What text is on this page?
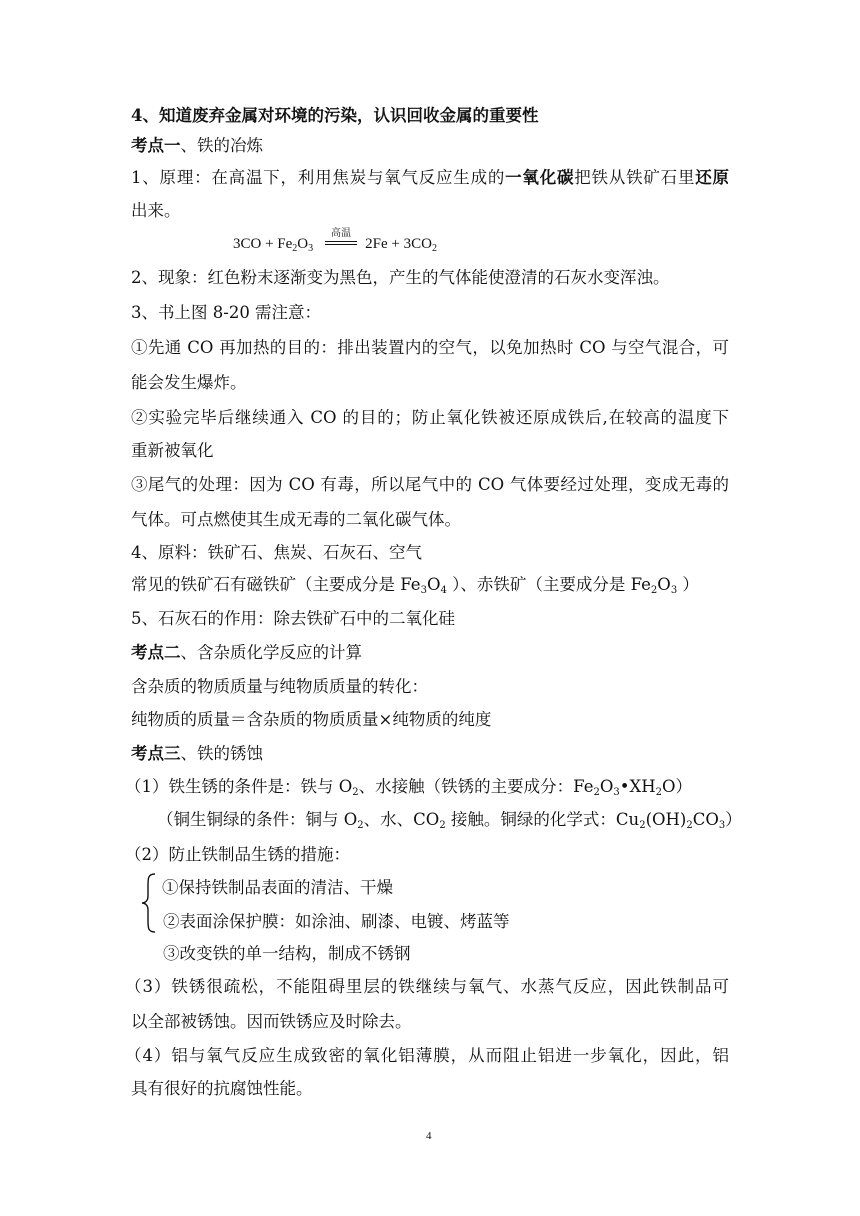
4、知道废弃金属对环境的污染，认识回收金属的重要性
考点一、铁的冶炼
1、原理：在高温下，利用焦炭与氧气反应生成的一氧化碳把铁从铁矿石里还原
出来。
$3CO + Fe_2O_3$	$2Fe + 3CO_2$
高温
2、现象：红色粉末逐渐变为黑色，产生的气体能使澄清的石灰水变浑浊。
3、书上图 8-20 需注意：
①先通 CO 再加热的目的：排出装置内的空气，以免加热时 CO 与空气混合，可
能会发生爆炸。
②实验完毕后继续通入 CO 的目的；防止氧化铁被还原成铁后,在较高的温度下
重新被氧化
③尾气的处理：因为 CO 有毒，所以尾气中的 CO 气体要经过处理，变成无毒的
气体。可点燃使其生成无毒的二氧化碳气体。
4、原料：铁矿石、焦炭、石灰石、空气
常见的铁矿石有磁铁矿（主要成分是 $Fe_3O_4$ ）、赤铁矿（主要成分是 $Fe_2O_3$ ）
5、石灰石的作用：除去铁矿石中的二氧化硅
考点二、含杂质化学反应的计算
含杂质的物质质量与纯物质质量的转化：
纯物质的质量＝含杂质的物质质量×纯物质的纯度
考点三、铁的锈蚀
（1）铁生锈的条件是：铁与 $O_2$、水接触（铁锈的主要成分：$Fe_2O_3•XH_2O$）
（铜生铜绿的条件：铜与 $O_2$、水、$CO_2$ 接触。铜绿的化学式：$Cu_2(OH)_2CO_3$）
（2）防止铁制品生锈的措施：
①保持铁制品表面的清洁、干燥
②表面涂保护膜：如涂油、刷漆、电镀、烤蓝等
③改变铁的单一结构，制成不锈钢
（3）铁锈很疏松，不能阻碍里层的铁继续与氧气、水蒸气反应，因此铁制品可
以全部被锈蚀。因而铁锈应及时除去。
（4）铝与氧气反应生成致密的氧化铝薄膜，从而阻止铝进一步氧化，因此，铝
具有很好的抗腐蚀性能。
4
